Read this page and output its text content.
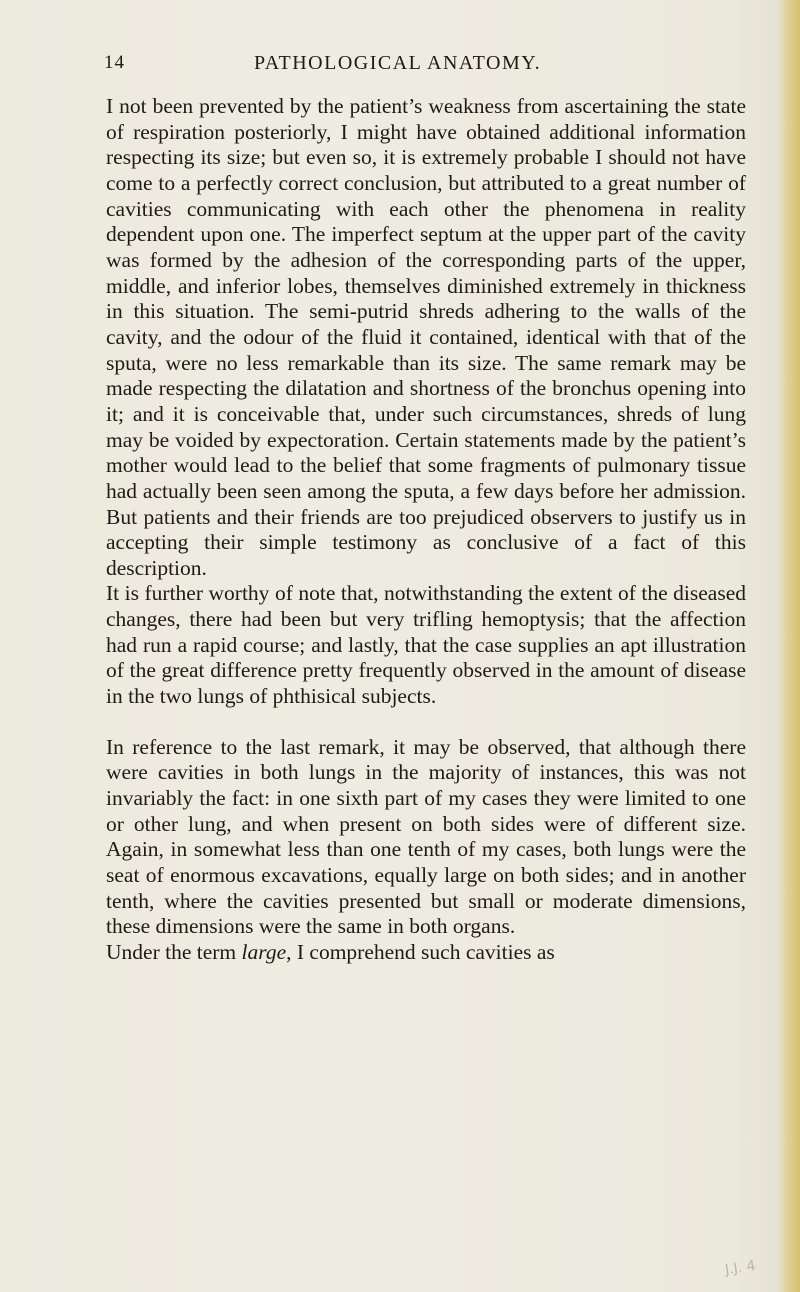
14	PATHOLOGICAL ANATOMY.

I not been prevented by the patient’s weakness from ascertaining the state of respiration posteriorly, I might have obtained additional information respecting its size; but even so, it is extremely probable I should not have come to a perfectly correct conclusion, but attributed to a great number of cavities communicating with each other the phenomena in reality dependent upon one. The imperfect septum at the upper part of the cavity was formed by the adhesion of the corresponding parts of the upper, middle, and inferior lobes, themselves diminished extremely in thickness in this situation. The semi-putrid shreds adhering to the walls of the cavity, and the odour of the fluid it contained, identical with that of the sputa, were no less remarkable than its size. The same remark may be made respecting the dilatation and shortness of the bronchus opening into it; and it is conceivable that, under such circumstances, shreds of lung may be voided by expectoration. Certain statements made by the patient’s mother would lead to the belief that some fragments of pulmonary tissue had actually been seen among the sputa, a few days before her admission. But patients and their friends are too prejudiced observers to justify us in accepting their simple testimony as conclusive of a fact of this description.

It is further worthy of note that, notwithstanding the extent of the diseased changes, there had been but very trifling hemoptysis; that the affection had run a rapid course; and lastly, that the case supplies an apt illustration of the great difference pretty frequently observed in the amount of disease in the two lungs of phthisical subjects.

In reference to the last remark, it may be observed, that although there were cavities in both lungs in the majority of instances, this was not invariably the fact: in one sixth part of my cases they were limited to one or other lung, and when present on both sides were of different size. Again, in somewhat less than one tenth of my cases, both lungs were the seat of enormous excavations, equally large on both sides; and in another tenth, where the cavities presented but small or moderate dimensions, these dimensions were the same in both organs.

Under the term large, I comprehend such cavities as

J.J. 4
